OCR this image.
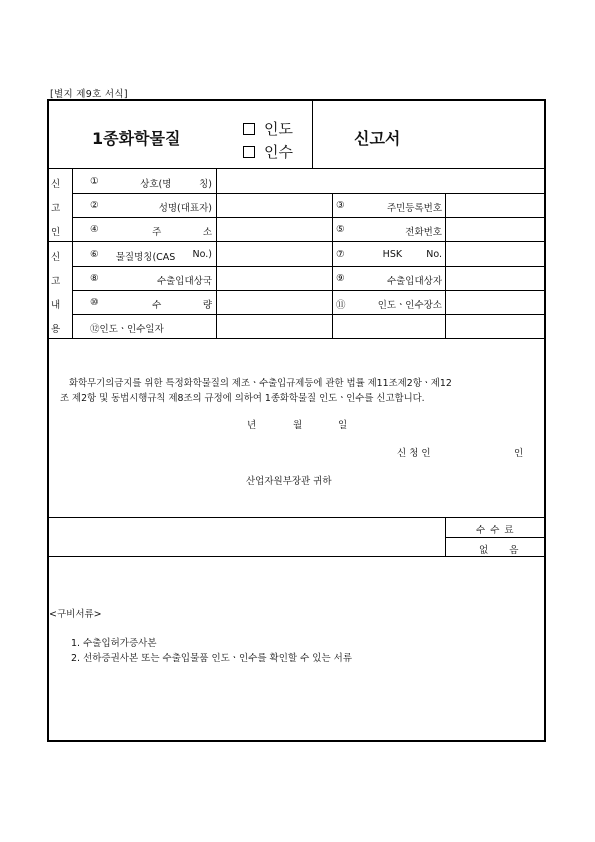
[별지 제9호 서식]
1종화학물질	인도
인수
신고서
신
고
인
신
고
내
용
①	상호(명	칭)
②	성명(대표자)	③	주민등록번호
④	주	소	⑤	전화번호
⑥ 물질명칭(CAS No.)	⑦	HSK	No.
⑧	수출입대상국	⑨	수출입대상자
⑩	수	량	⑪	인도ㆍ인수장소
⑫인도ㆍ인수일자
화학무기의금지를 위한 특정화학물질의 제조ㆍ수출입규제등에 관한 법률 제11조제2항ㆍ제12
조 제2항 및 동법시행규칙 제8조의 규정에 의하여 1종화학물질 인도ㆍ인수를 신고합니다.
년	월	일
신 청 인	인
산업자원부장관 귀하
수 수 료
없 음
<구비서류>
1. 수출입허가증사본
2. 선하증권사본 또는 수출입물품 인도ㆍ인수를 확인할 수 있는 서류
